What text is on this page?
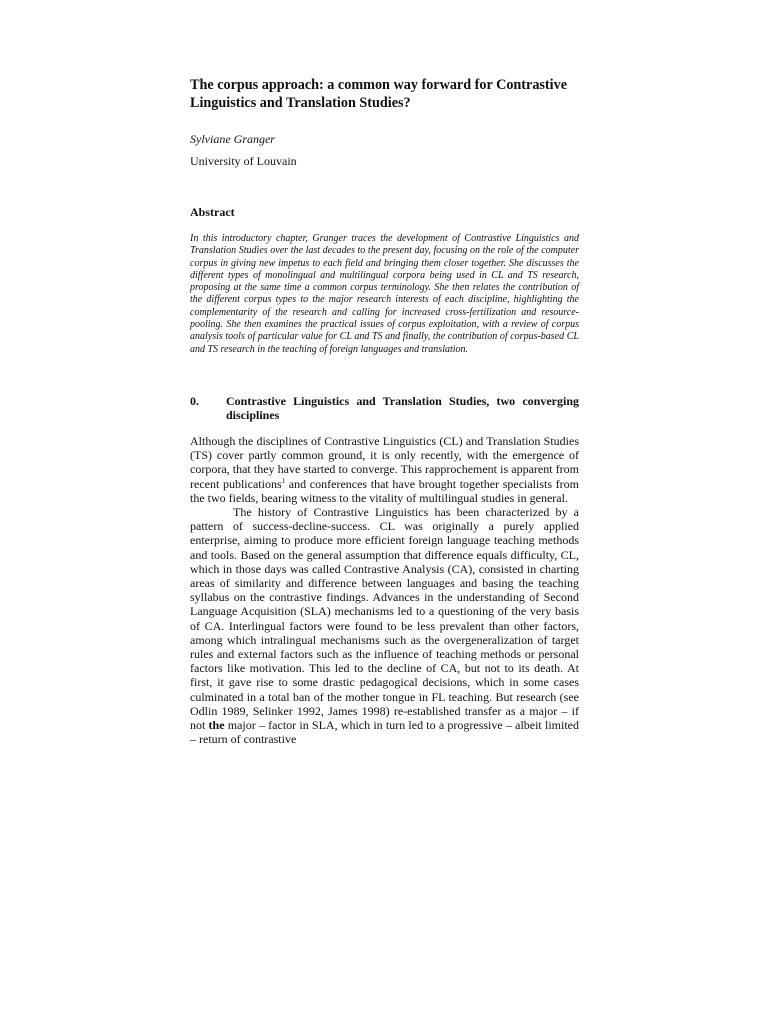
The corpus approach: a common way forward for Contrastive Linguistics and Translation Studies?

Sylviane Granger

University of Louvain

Abstract

In this introductory chapter, Granger traces the development of Contrastive Linguistics and Translation Studies over the last decades to the present day, focusing on the role of the computer corpus in giving new impetus to each field and bringing them closer together. She discusses the different types of monolingual and multilingual corpora being used in CL and TS research, proposing at the same time a common corpus terminology. She then relates the contribution of the different corpus types to the major research interests of each discipline, highlighting the complementarity of the research and calling for increased cross-fertilization and resource-pooling. She then examines the practical issues of corpus exploitation, with a review of corpus analysis tools of particular value for CL and TS and finally, the contribution of corpus-based CL and TS research in the teaching of foreign languages and translation.

0.	Contrastive Linguistics and Translation Studies, two converging disciplines

Although the disciplines of Contrastive Linguistics (CL) and Translation Studies (TS) cover partly common ground, it is only recently, with the emergence of corpora, that they have started to converge. This rapprochement is apparent from recent publications$^1$ and conferences that have brought together specialists from the two fields, bearing witness to the vitality of multilingual studies in general.

The history of Contrastive Linguistics has been characterized by a pattern of success-decline-success. CL was originally a purely applied enterprise, aiming to produce more efficient foreign language teaching methods and tools. Based on the general assumption that difference equals difficulty, CL, which in those days was called Contrastive Analysis (CA), consisted in charting areas of similarity and difference between languages and basing the teaching syllabus on the contrastive findings. Advances in the understanding of Second Language Acquisition (SLA) mechanisms led to a questioning of the very basis of CA. Interlingual factors were found to be less prevalent than other factors, among which intralingual mechanisms such as the overgeneralization of target rules and external factors such as the influence of teaching methods or personal factors like motivation. This led to the decline of CA, but not to its death. At first, it gave rise to some drastic pedagogical decisions, which in some cases culminated in a total ban of the mother tongue in FL teaching. But research (see Odlin 1989, Selinker 1992, James 1998) re-established transfer as a major – if not the major – factor in SLA, which in turn led to a progressive – albeit limited – return of contrastive
